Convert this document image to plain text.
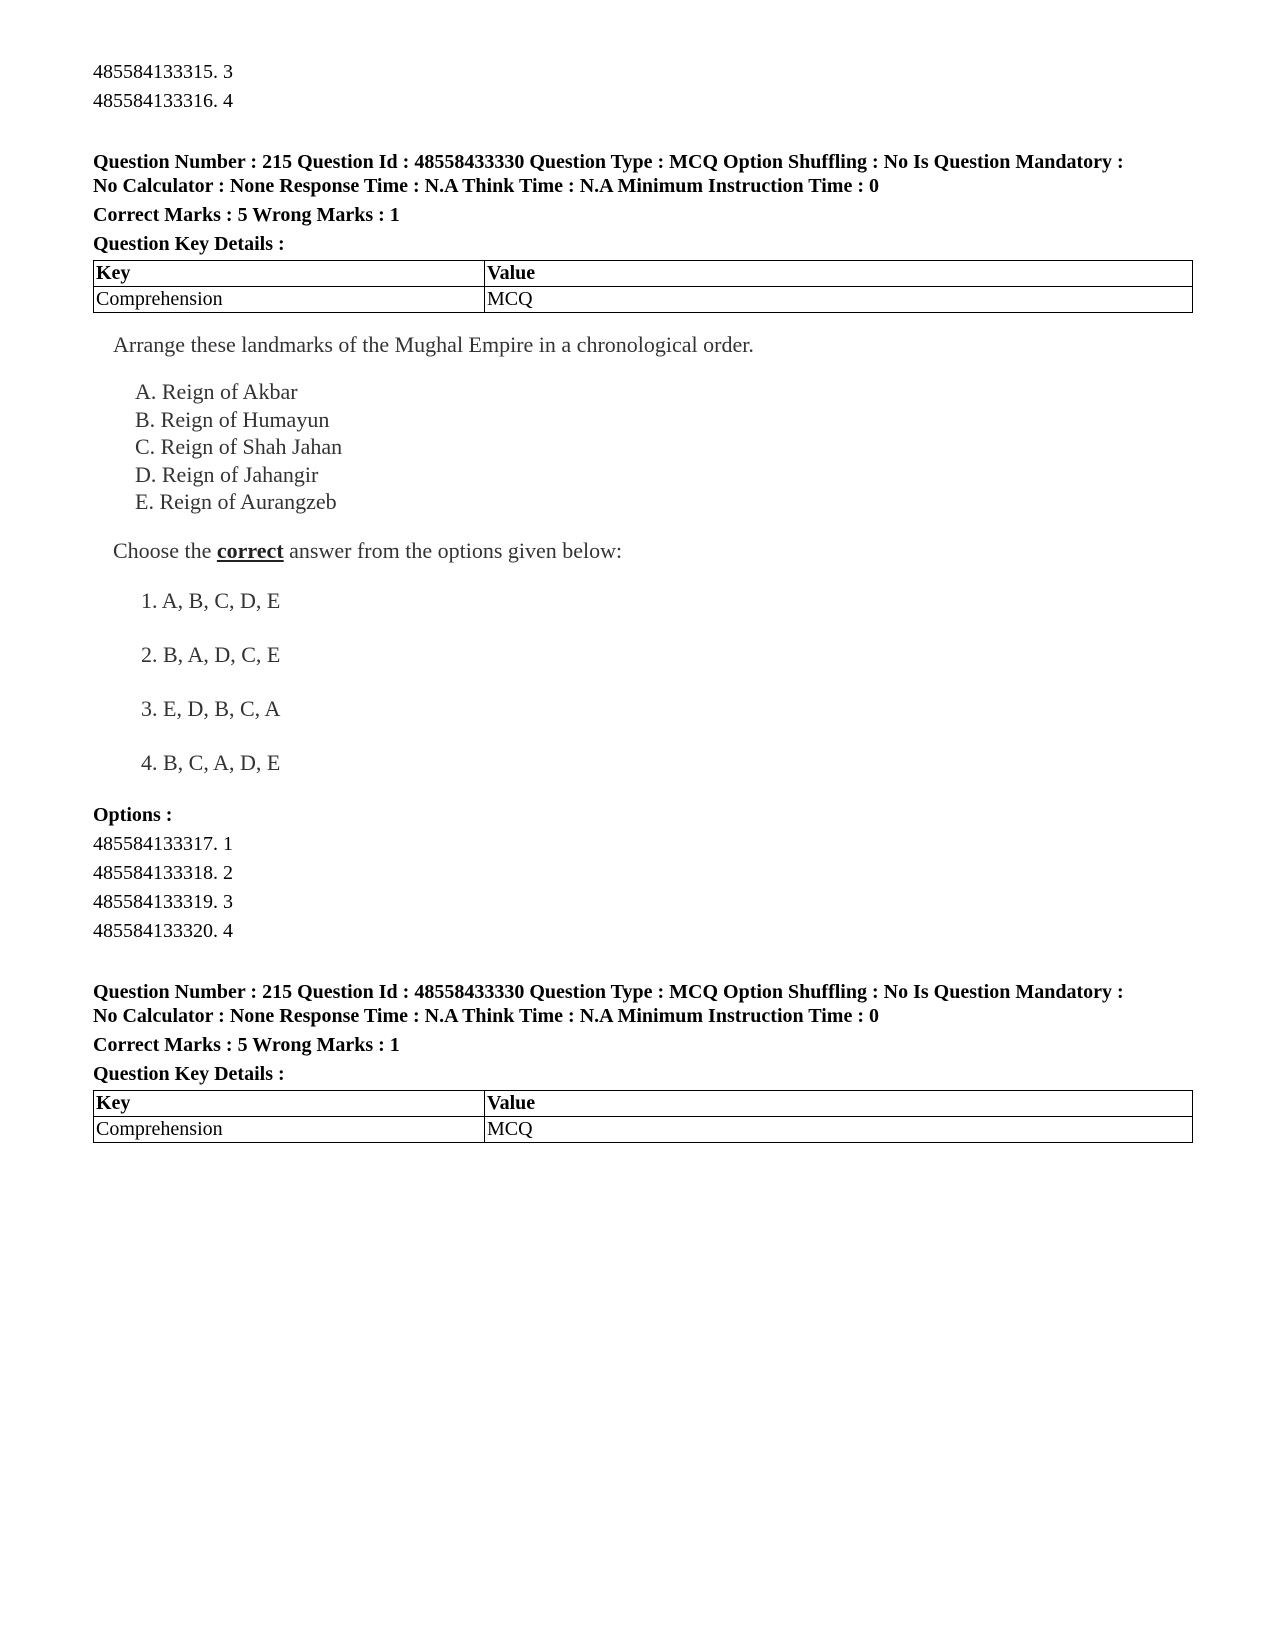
485584133315. 3
485584133316. 4
Question Number : 215 Question Id : 48558433330 Question Type : MCQ Option Shuffling : No Is Question Mandatory :
No Calculator : None Response Time : N.A Think Time : N.A Minimum Instruction Time : 0
Correct Marks : 5 Wrong Marks : 1
Question Key Details :
Key	Value
Comprehension	MCQ
Arrange these landmarks of the Mughal Empire in a chronological order.
A. Reign of Akbar
B. Reign of Humayun
C. Reign of Shah Jahan
D. Reign of Jahangir
E. Reign of Aurangzeb
Choose the correct answer from the options given below:
1. A, B, C, D, E
2. B, A, D, C, E
3. E, D, B, C, A
4. B, C, A, D, E
Options :
485584133317. 1
485584133318. 2
485584133319. 3
485584133320. 4
Question Number : 215 Question Id : 48558433330 Question Type : MCQ Option Shuffling : No Is Question Mandatory :
No Calculator : None Response Time : N.A Think Time : N.A Minimum Instruction Time : 0
Correct Marks : 5 Wrong Marks : 1
Question Key Details :
Key	Value
Comprehension	MCQ
